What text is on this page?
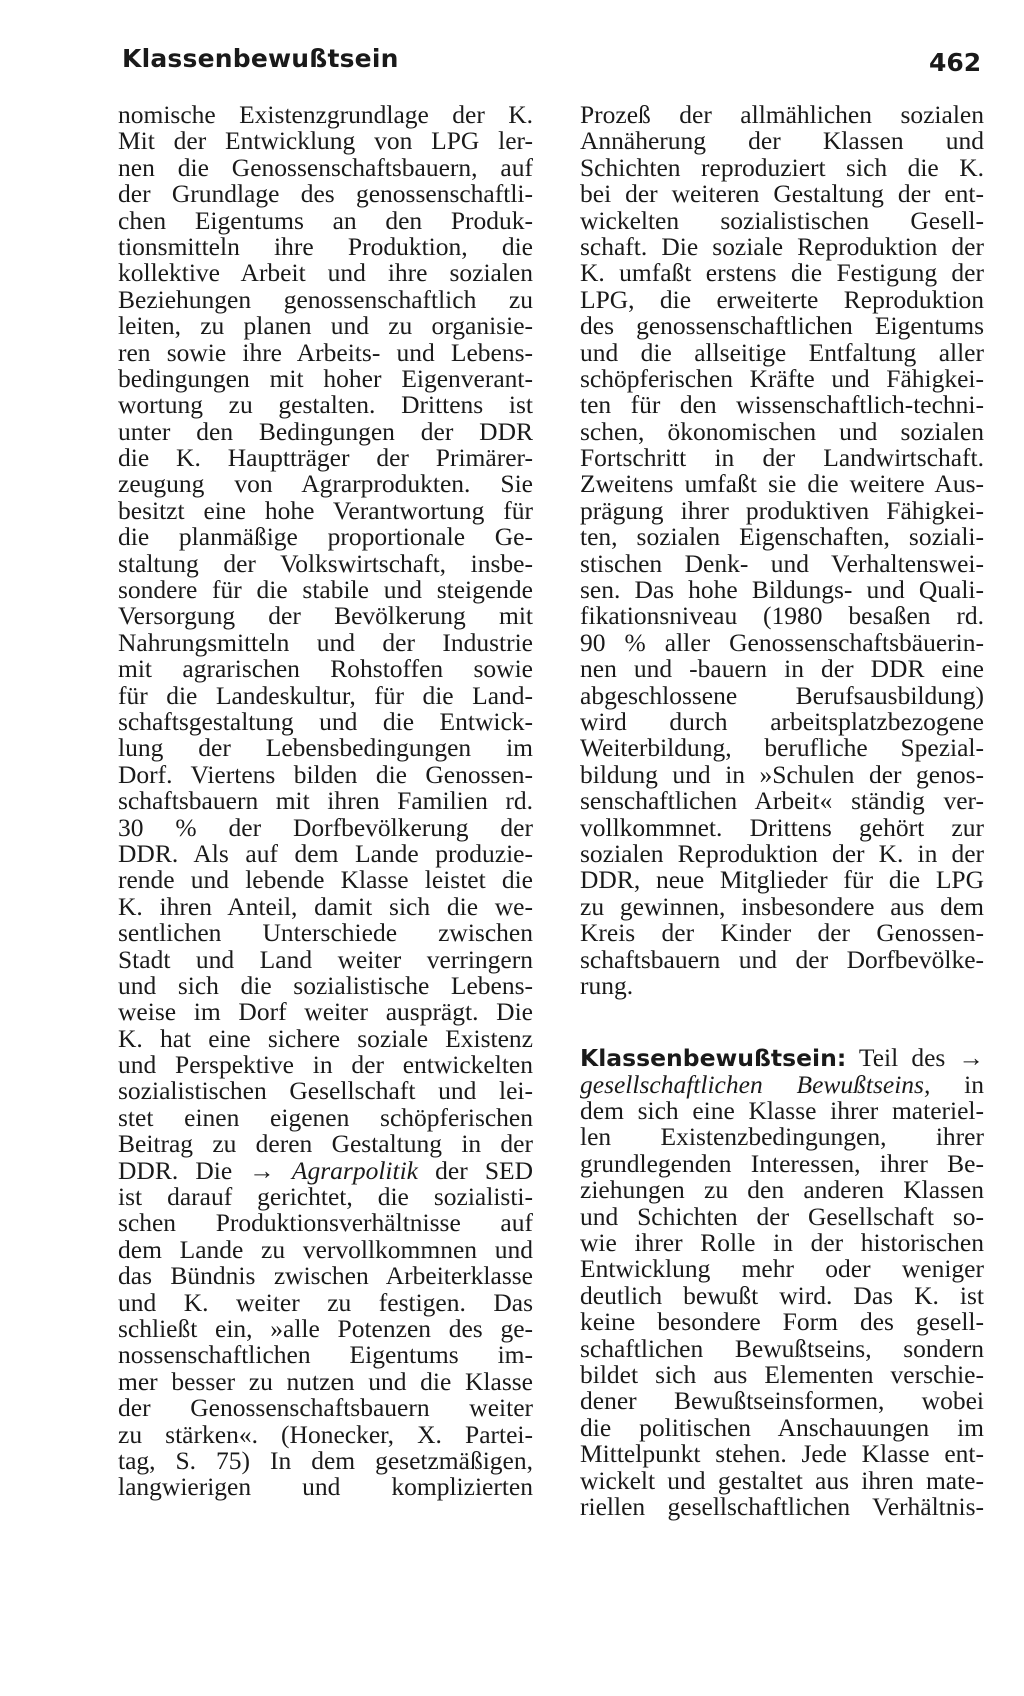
Klassenbewußtsein	462
nomische Existenzgrundlage der K.
Mit der Entwicklung von LPG ler-
nen die Genossenschaftsbauern, auf
der Grundlage des genossenschaftli-
chen Eigentums an den Produk-
tionsmitteln ihre Produktion, die
kollektive Arbeit und ihre sozialen
Beziehungen genossenschaftlich zu
leiten, zu planen und zu organisie-
ren sowie ihre Arbeits- und Lebens-
bedingungen mit hoher Eigenverant-
wortung zu gestalten. Drittens ist
unter den Bedingungen der DDR
die K. Hauptträger der Primärer-
zeugung von Agrarprodukten. Sie
besitzt eine hohe Verantwortung für
die planmäßige proportionale Ge-
staltung der Volkswirtschaft, insbe-
sondere für die stabile und steigende
Versorgung der Bevölkerung mit
Nahrungsmitteln und der Industrie
mit agrarischen Rohstoffen sowie
für die Landeskultur, für die Land-
schaftsgestaltung und die Entwick-
lung der Lebensbedingungen im
Dorf. Viertens bilden die Genossen-
schaftsbauern mit ihren Familien rd.
30 % der Dorfbevölkerung der
DDR. Als auf dem Lande produzie-
rende und lebende Klasse leistet die
K. ihren Anteil, damit sich die we-
sentlichen Unterschiede zwischen
Stadt und Land weiter verringern
und sich die sozialistische Lebens-
weise im Dorf weiter ausprägt. Die
K. hat eine sichere soziale Existenz
und Perspektive in der entwickelten
sozialistischen Gesellschaft und lei-
stet einen eigenen schöpferischen
Beitrag zu deren Gestaltung in der
DDR. Die → Agrarpolitik der SED
ist darauf gerichtet, die sozialisti-
schen Produktionsverhältnisse auf
dem Lande zu vervollkommnen und
das Bündnis zwischen Arbeiterklasse
und K. weiter zu festigen. Das
schließt ein, »alle Potenzen des ge-
nossenschaftlichen Eigentums im-
mer besser zu nutzen und die Klasse
der Genossenschaftsbauern weiter
zu stärken«. (Honecker, X. Partei-
tag, S. 75) In dem gesetzmäßigen,
langwierigen und komplizierten
Prozeß der allmählichen sozialen
Annäherung der Klassen und
Schichten reproduziert sich die K.
bei der weiteren Gestaltung der ent-
wickelten sozialistischen Gesell-
schaft. Die soziale Reproduktion der
K. umfaßt erstens die Festigung der
LPG, die erweiterte Reproduktion
des genossenschaftlichen Eigentums
und die allseitige Entfaltung aller
schöpferischen Kräfte und Fähigkei-
ten für den wissenschaftlich-techni-
schen, ökonomischen und sozialen
Fortschritt in der Landwirtschaft.
Zweitens umfaßt sie die weitere Aus-
prägung ihrer produktiven Fähigkei-
ten, sozialen Eigenschaften, soziali-
stischen Denk- und Verhaltenswei-
sen. Das hohe Bildungs- und Quali-
fikationsniveau (1980 besaßen rd.
90 % aller Genossenschaftsbäuerin-
nen und -bauern in der DDR eine
abgeschlossene Berufsausbildung)
wird durch arbeitsplatzbezogene
Weiterbildung, berufliche Spezial-
bildung und in »Schulen der genos-
senschaftlichen Arbeit« ständig ver-
vollkommnet. Drittens gehört zur
sozialen Reproduktion der K. in der
DDR, neue Mitglieder für die LPG
zu gewinnen, insbesondere aus dem
Kreis der Kinder der Genossen-
schaftsbauern und der Dorfbevölke-
rung.
Klassenbewußtsein: Teil des →
gesellschaftlichen Bewußtseins, in
dem sich eine Klasse ihrer materiel-
len Existenzbedingungen, ihrer
grundlegenden Interessen, ihrer Be-
ziehungen zu den anderen Klassen
und Schichten der Gesellschaft so-
wie ihrer Rolle in der historischen
Entwicklung mehr oder weniger
deutlich bewußt wird. Das K. ist
keine besondere Form des gesell-
schaftlichen Bewußtseins, sondern
bildet sich aus Elementen verschie-
dener Bewußtseinsformen, wobei
die politischen Anschauungen im
Mittelpunkt stehen. Jede Klasse ent-
wickelt und gestaltet aus ihren mate-
riellen gesellschaftlichen Verhältnis-
